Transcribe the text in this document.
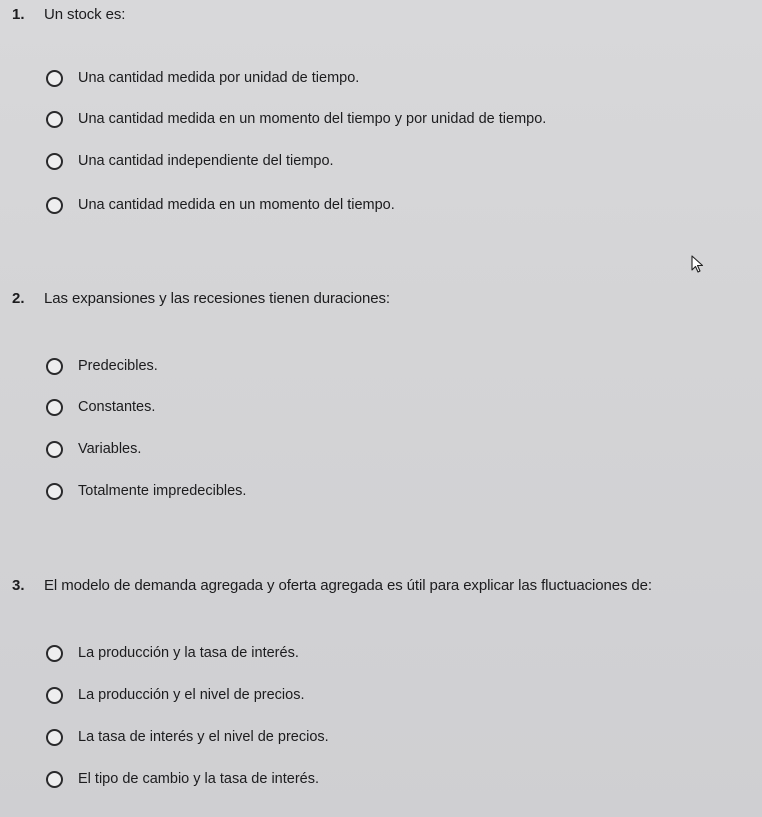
1.	Un stock es:
Una cantidad medida por unidad de tiempo.
Una cantidad medida en un momento del tiempo y por unidad de tiempo.
Una cantidad independiente del tiempo.
Una cantidad medida en un momento del tiempo.
2.	Las expansiones y las recesiones tienen duraciones:
Predecibles.
Constantes.
Variables.
Totalmente impredecibles.
3.	El modelo de demanda agregada y oferta agregada es útil para explicar las fluctuaciones de:
La producción y la tasa de interés.
La producción y el nivel de precios.
La tasa de interés y el nivel de precios.
El tipo de cambio y la tasa de interés.
